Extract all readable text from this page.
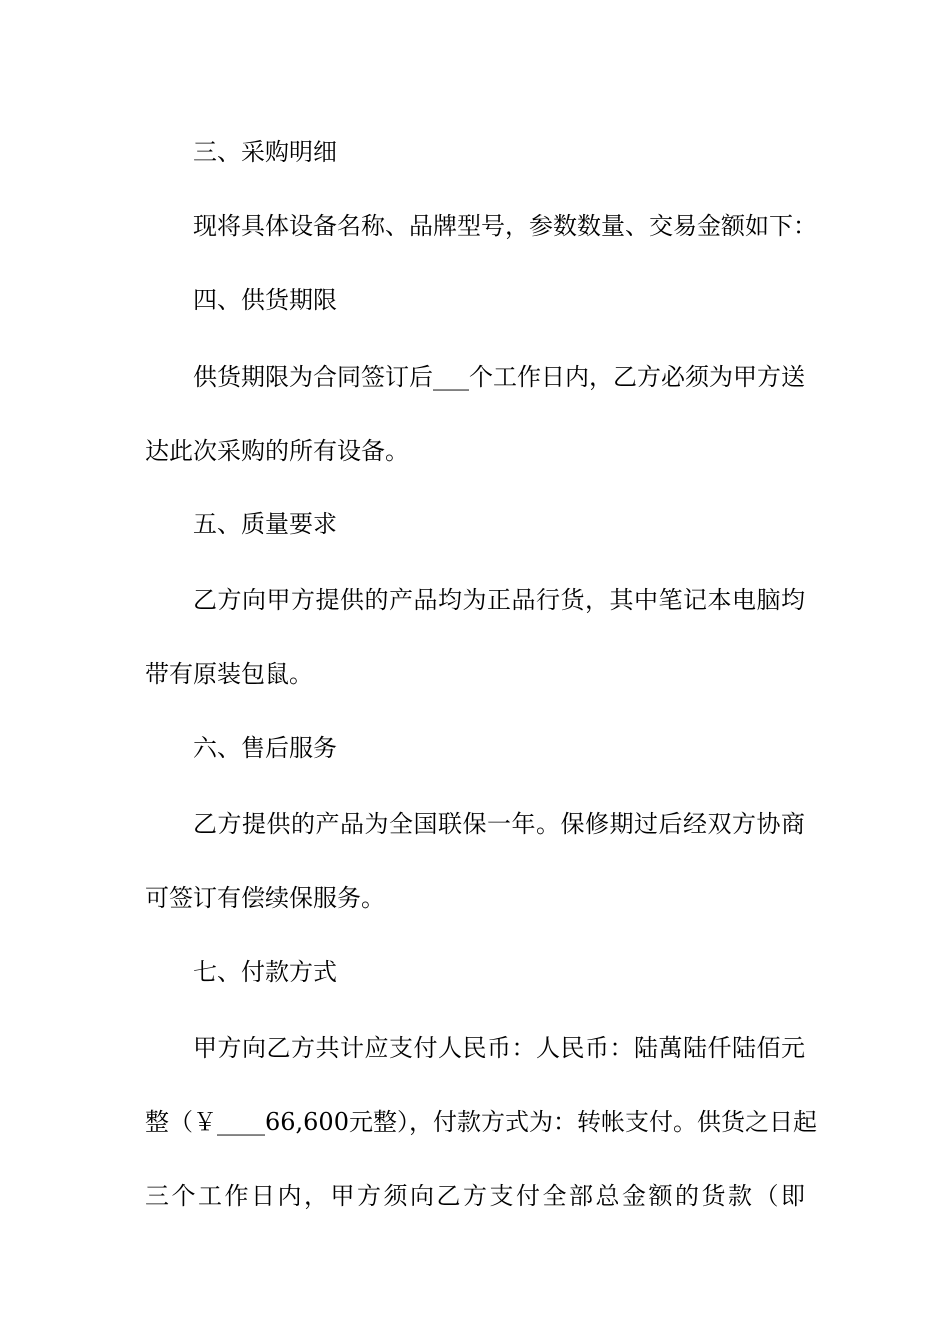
三、采购明细
现将具体设备名称、品牌型号，参数数量、交易金额如下：
四、供货期限
供货期限为合同签订后___个工作日内，乙方必须为甲方送
达此次采购的所有设备。
五、质量要求
乙方向甲方提供的产品均为正品行货，其中笔记本电脑均
带有原装包鼠。
六、售后服务
乙方提供的产品为全国联保一年。保修期过后经双方协商
可签订有偿续保服务。
七、付款方式
甲方向乙方共计应支付人民币：人民币：陆萬陆仟陆佰元
整（￥____66,600元整），付款方式为：转帐支付。供货之日起
三个工作日内，甲方须向乙方支付全部总金额的货款（即
